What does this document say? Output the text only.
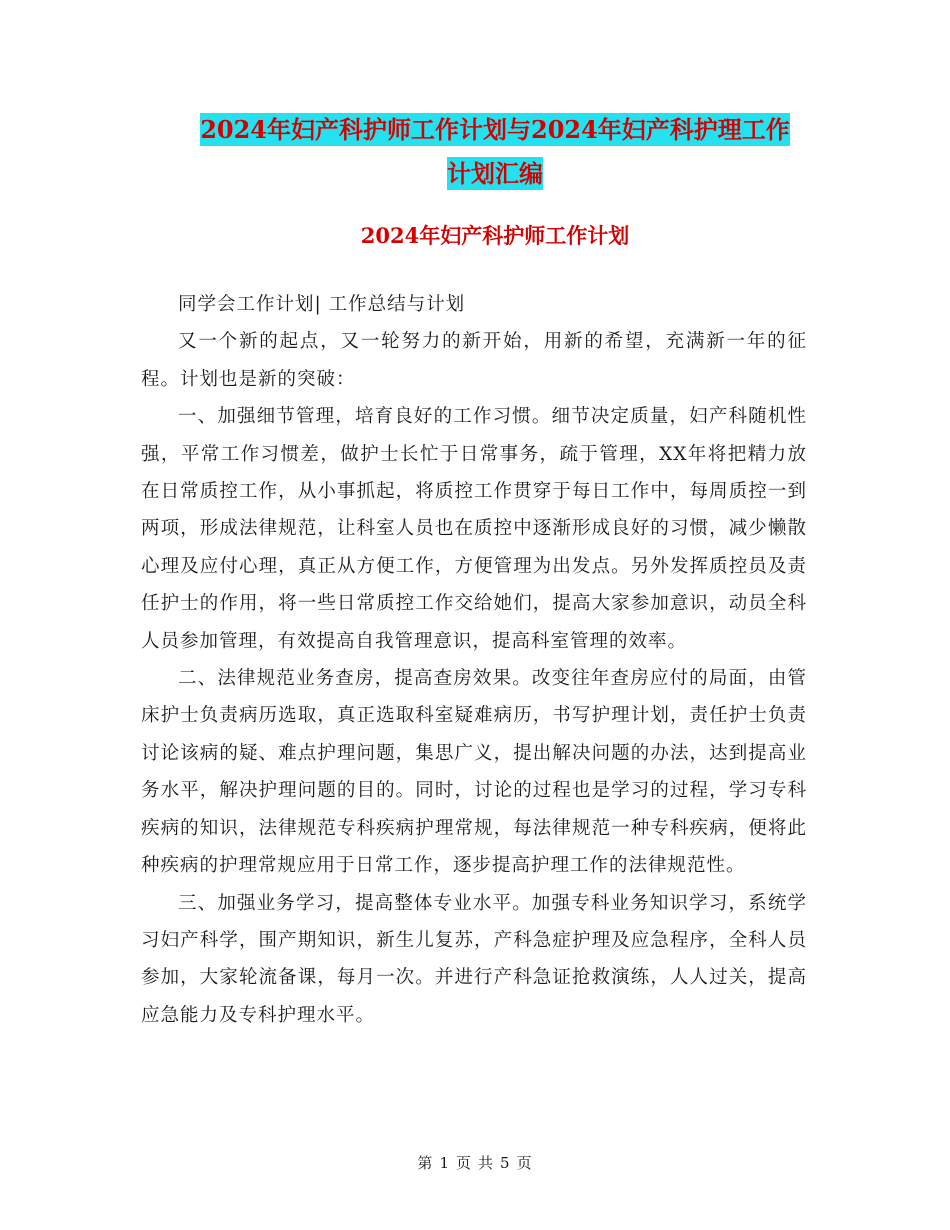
2024年妇产科护师工作计划与2024年妇产科护理工作
计划汇编
2024年妇产科护师工作计划

同学会工作计划| 工作总结与计划

又一个新的起点，又一轮努力的新开始，用新的希望，充满新一年的征程。计划也是新的突破：

一、加强细节管理，培育良好的工作习惯。细节决定质量，妇产科随机性强，平常工作习惯差，做护士长忙于日常事务，疏于管理，XX年将把精力放在日常质控工作，从小事抓起，将质控工作贯穿于每日工作中，每周质控一到两项，形成法律规范，让科室人员也在质控中逐渐形成良好的习惯，减少懒散心理及应付心理，真正从方便工作，方便管理为出发点。另外发挥质控员及责任护士的作用，将一些日常质控工作交给她们，提高大家参加意识，动员全科人员参加管理，有效提高自我管理意识，提高科室管理的效率。

二、法律规范业务查房，提高查房效果。改变往年查房应付的局面，由管床护士负责病历选取，真正选取科室疑难病历，书写护理计划，责任护士负责讨论该病的疑、难点护理问题，集思广义，提出解决问题的办法，达到提高业务水平，解决护理问题的目的。同时，讨论的过程也是学习的过程，学习专科疾病的知识，法律规范专科疾病护理常规，每法律规范一种专科疾病，便将此种疾病的护理常规应用于日常工作，逐步提高护理工作的法律规范性。

三、加强业务学习，提高整体专业水平。加强专科业务知识学习，系统学习妇产科学，围产期知识，新生儿复苏，产科急症护理及应急程序，全科人员参加，大家轮流备课，每月一次。并进行产科急证抢救演练，人人过关，提高应急能力及专科护理水平。

第 1 页 共 5 页
